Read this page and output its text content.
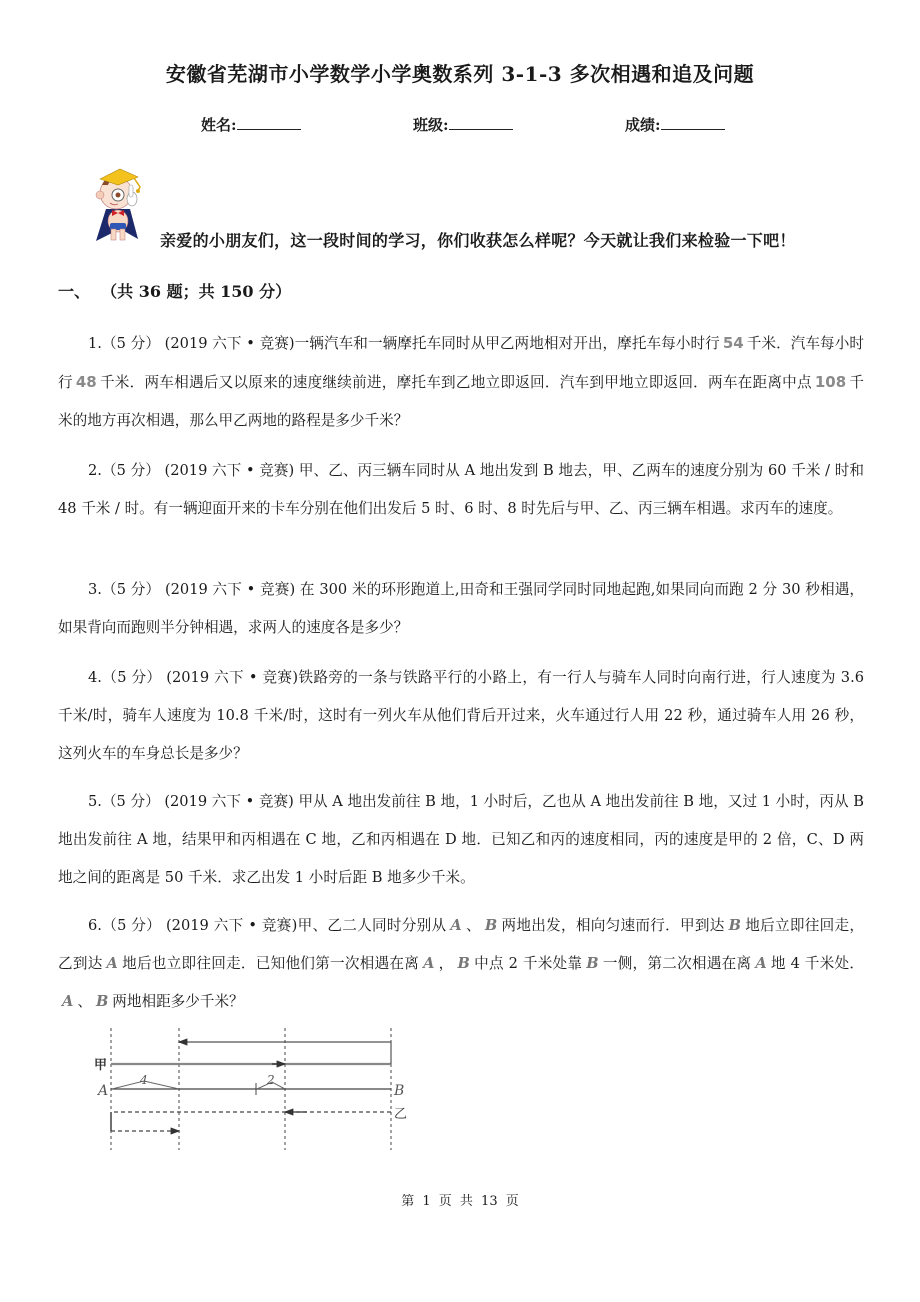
安徽省芜湖市小学数学小学奥数系列 3-1-3 多次相遇和追及问题
姓名:	班级:	成绩:
亲爱的小朋友们，这一段时间的学习，你们收获怎么样呢？今天就让我们来检验一下吧！
一、 （共 36 题；共 150 分）
1.（5 分） (2019 六下 • 竞赛)一辆汽车和一辆摩托车同时从甲乙两地相对开出，摩托车每小时行 54 千米．汽车每小时行 48 千米．两车相遇后又以原来的速度继续前进，摩托车到乙地立即返回．汽车到甲地立即返回．两车在距离中点 108 千米的地方再次相遇，那么甲乙两地的路程是多少千米？
2.（5 分） (2019 六下 • 竞赛) 甲、乙、丙三辆车同时从 A 地出发到 B 地去，甲、乙两车的速度分别为 60 千米 / 时和 48 千米 / 时。有一辆迎面开来的卡车分别在他们出发后 5 时、6 时、8 时先后与甲、乙、丙三辆车相遇。求丙车的速度。
3.（5 分） (2019 六下 • 竞赛) 在 300 米的环形跑道上,田奇和王强同学同时同地起跑,如果同向而跑 2 分 30 秒相遇，如果背向而跑则半分钟相遇，求两人的速度各是多少？
4.（5 分） (2019 六下 • 竞赛)铁路旁的一条与铁路平行的小路上，有一行人与骑车人同时向南行进，行人速度为 3.6 千米/时，骑车人速度为 10.8 千米/时，这时有一列火车从他们背后开过来，火车通过行人用 22 秒，通过骑车人用 26 秒，这列火车的车身总长是多少？
5.（5 分） (2019 六下 • 竞赛) 甲从 A 地出发前往 B 地，1 小时后，乙也从 A 地出发前往 B 地，又过 1 小时，丙从 B 地出发前往 A 地，结果甲和丙相遇在 C 地，乙和丙相遇在 D 地．已知乙和丙的速度相同，丙的速度是甲的 2 倍，C、D 两地之间的距离是 50 千米．求乙出发 1 小时后距 B 地多少千米。
6.（5 分） (2019 六下 • 竞赛)甲、乙二人同时分别从 A 、 B 两地出发，相向匀速而行．甲到达 B 地后立即往回走，乙到达 A 地后也立即往回走．已知他们第一次相遇在离 A ， B 中点 2 千米处靠 B 一侧，第二次相遇在离 A 地 4 千米处．A 、 B 两地相距多少千米？
甲
A	B
乙
4	2
第 1 页 共 13 页
